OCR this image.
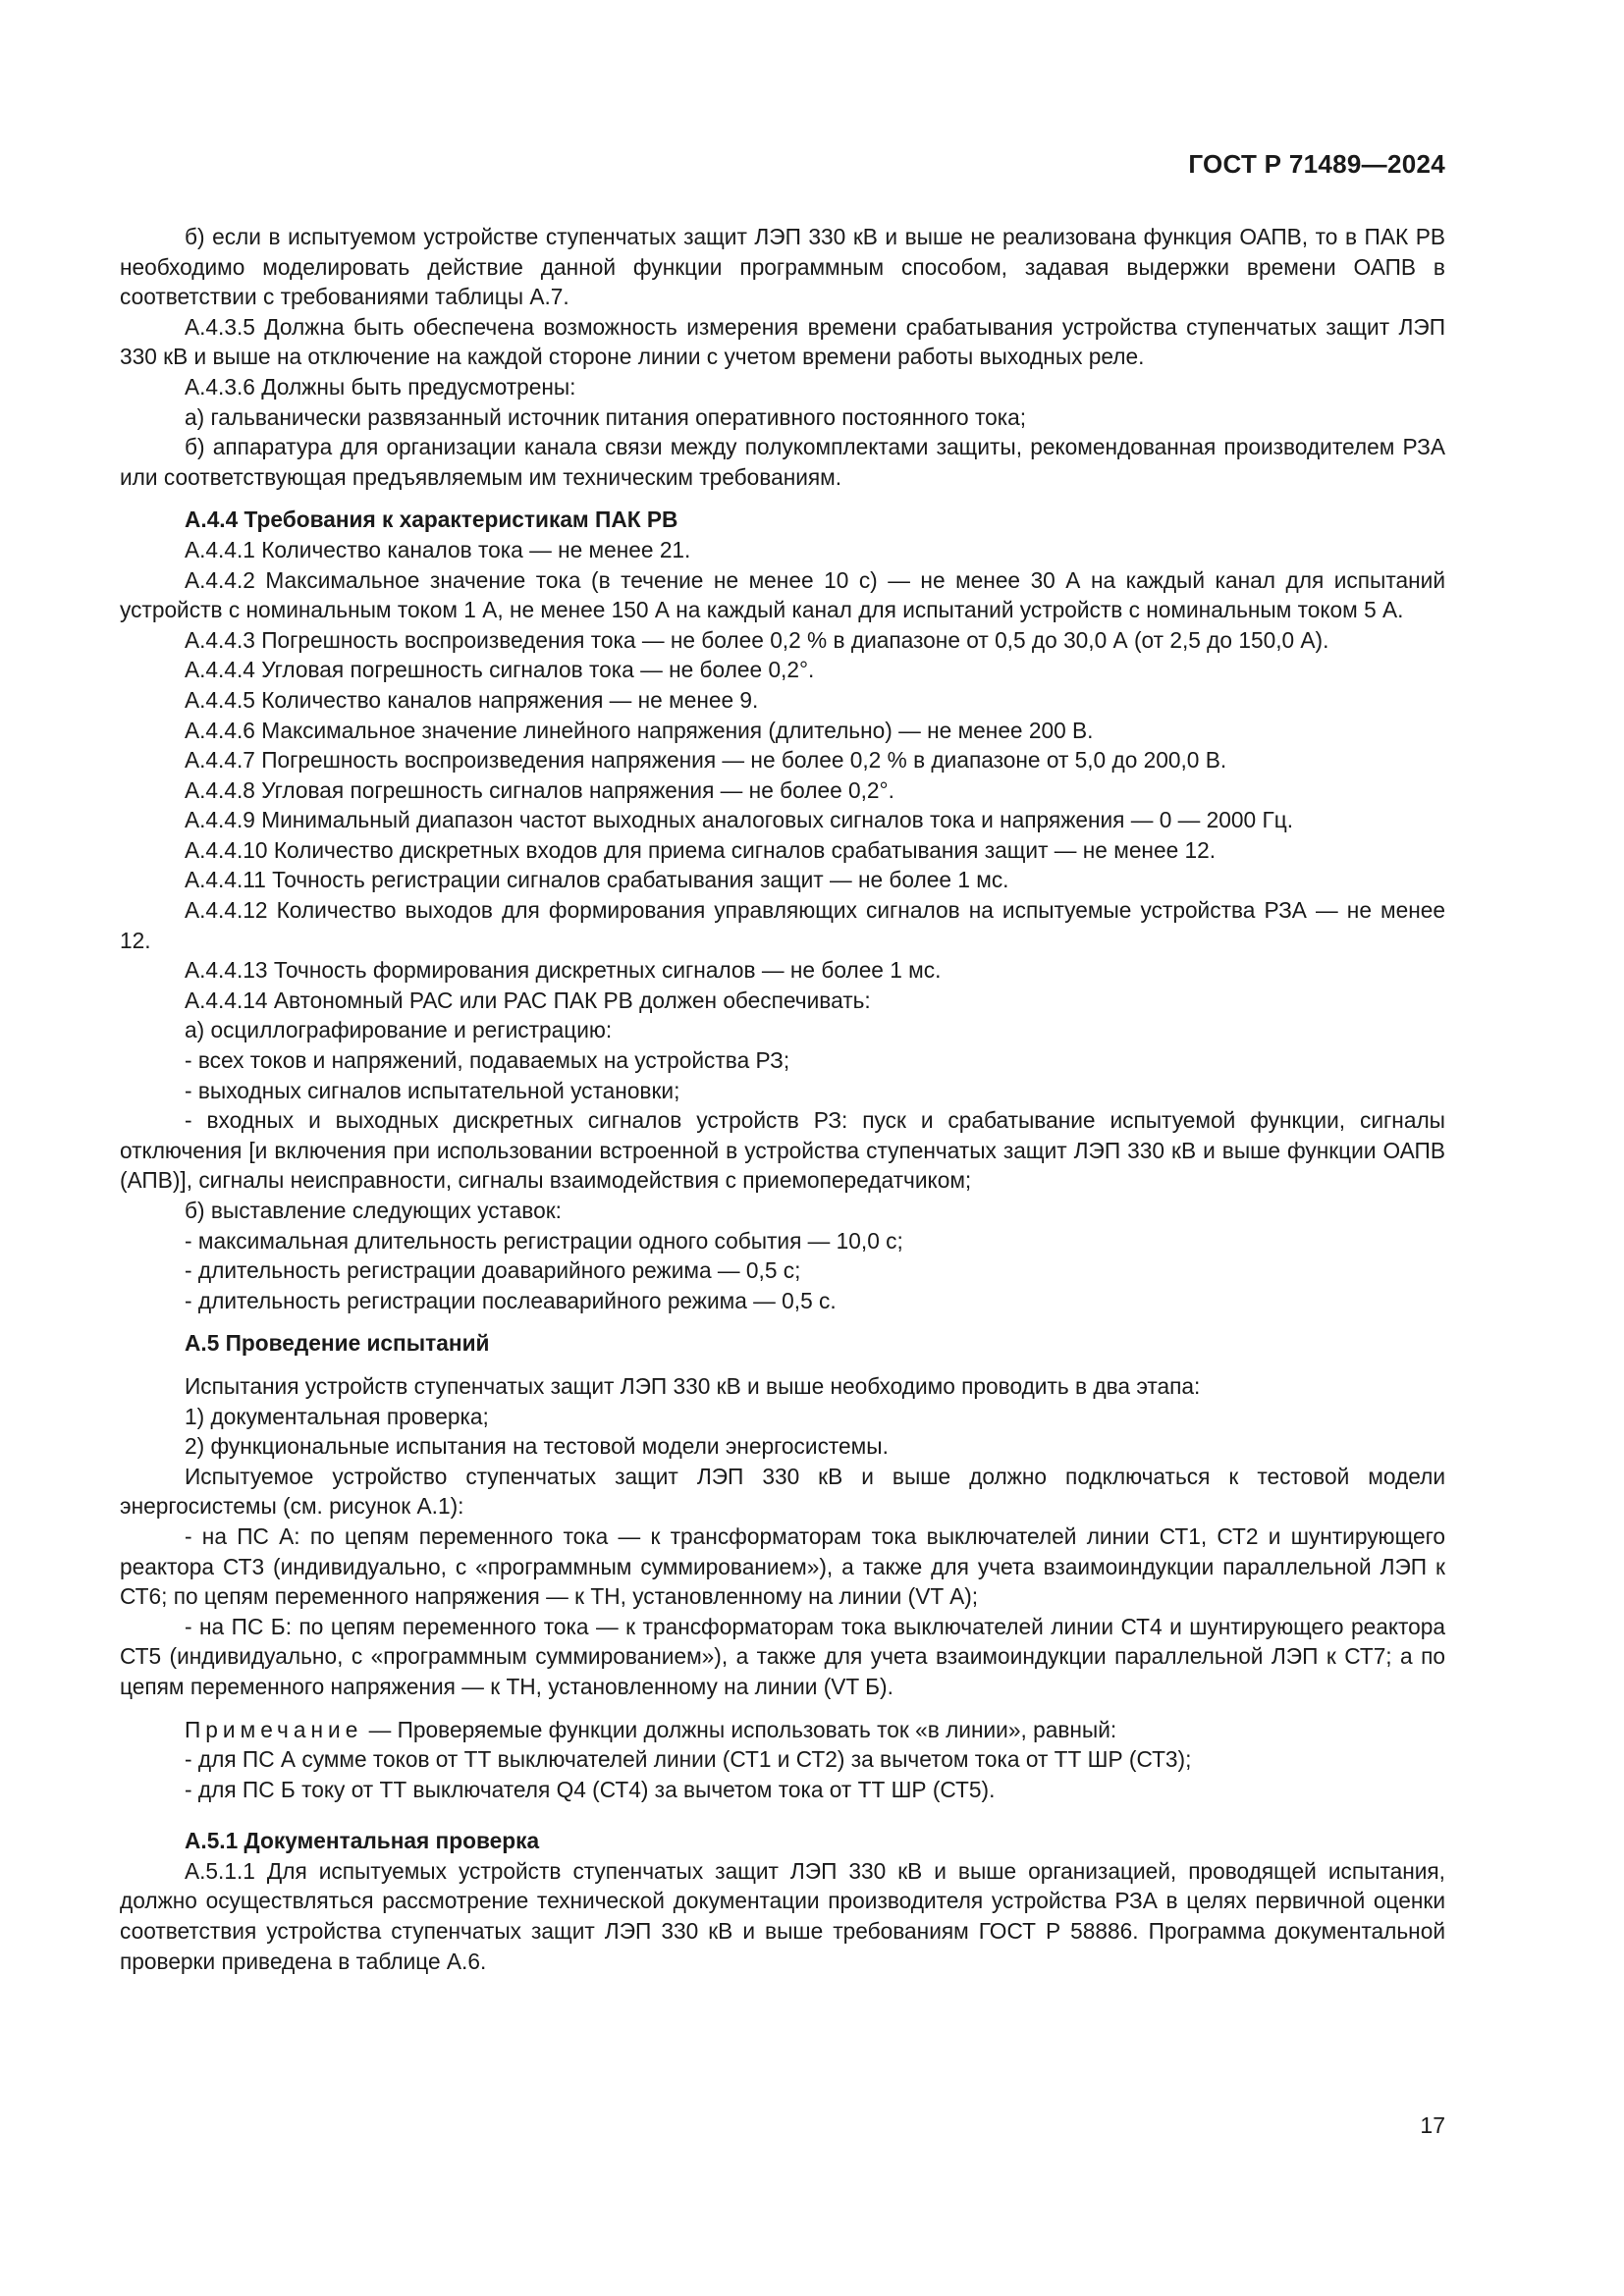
ГОСТ Р 71489—2024

б) если в испытуемом устройстве ступенчатых защит ЛЭП 330 кВ и выше не реализована функция ОАПВ, то в ПАК РВ необходимо моделировать действие данной функции программным способом, задавая выдержки времени ОАПВ в соответствии с требованиями таблицы А.7.

А.4.3.5 Должна быть обеспечена возможность измерения времени срабатывания устройства ступенчатых защит ЛЭП 330 кВ и выше на отключение на каждой стороне линии с учетом времени работы выходных реле.

А.4.3.6 Должны быть предусмотрены:

а) гальванически развязанный источник питания оперативного постоянного тока;

б) аппаратура для организации канала связи между полукомплектами защиты, рекомендованная производителем РЗА или соответствующая предъявляемым им техническим требованиям.

А.4.4 Требования к характеристикам ПАК РВ

А.4.4.1 Количество каналов тока — не менее 21.

А.4.4.2 Максимальное значение тока (в течение не менее 10 с) — не менее 30 А на каждый канал для испытаний устройств с номинальным током 1 А, не менее 150 А на каждый канал для испытаний устройств с номинальным током 5 А.

А.4.4.3 Погрешность воспроизведения тока — не более 0,2 % в диапазоне от 0,5 до 30,0 А (от 2,5 до 150,0 А).

А.4.4.4 Угловая погрешность сигналов тока — не более 0,2°.

А.4.4.5 Количество каналов напряжения — не менее 9.

А.4.4.6 Максимальное значение линейного напряжения (длительно) — не менее 200 В.

А.4.4.7 Погрешность воспроизведения напряжения — не более 0,2 % в диапазоне от 5,0 до 200,0 В.

А.4.4.8 Угловая погрешность сигналов напряжения — не более 0,2°.

А.4.4.9 Минимальный диапазон частот выходных аналоговых сигналов тока и напряжения — 0 — 2000 Гц.

А.4.4.10 Количество дискретных входов для приема сигналов срабатывания защит — не менее 12.

А.4.4.11 Точность регистрации сигналов срабатывания защит — не более 1 мс.

А.4.4.12 Количество выходов для формирования управляющих сигналов на испытуемые устройства РЗА — не менее 12.

А.4.4.13 Точность формирования дискретных сигналов — не более 1 мс.

А.4.4.14 Автономный РАС или РАС ПАК РВ должен обеспечивать:

а) осциллографирование и регистрацию:

- всех токов и напряжений, подаваемых на устройства РЗ;

- выходных сигналов испытательной установки;

- входных и выходных дискретных сигналов устройств РЗ: пуск и срабатывание испытуемой функции, сигналы отключения [и включения при использовании встроенной в устройства ступенчатых защит ЛЭП 330 кВ и выше функции ОАПВ (АПВ)], сигналы неисправности, сигналы взаимодействия с приемопередатчиком;

б) выставление следующих уставок:

- максимальная длительность регистрации одного события — 10,0 с;

- длительность регистрации доаварийного режима — 0,5 с;

- длительность регистрации послеаварийного режима — 0,5 с.

А.5 Проведение испытаний

Испытания устройств ступенчатых защит ЛЭП 330 кВ и выше необходимо проводить в два этапа:

1) документальная проверка;

2) функциональные испытания на тестовой модели энергосистемы.

Испытуемое устройство ступенчатых защит ЛЭП 330 кВ и выше должно подключаться к тестовой модели энергосистемы (см. рисунок А.1):

- на ПС А: по цепям переменного тока — к трансформаторам тока выключателей линии СТ1, СТ2 и шунтирующего реактора СТ3 (индивидуально, с «программным суммированием»), а также для учета взаимоиндукции параллельной ЛЭП к СТ6; по цепям переменного напряжения — к ТН, установленному на линии (VT А);

- на ПС Б: по цепям переменного тока — к трансформаторам тока выключателей линии СТ4 и шунтирующего реактора СТ5 (индивидуально, с «программным суммированием»), а также для учета взаимоиндукции параллельной ЛЭП к СТ7; а по цепям переменного напряжения — к ТН, установленному на линии (VT Б).

Примечание — Проверяемые функции должны использовать ток «в линии», равный:

- для ПС А сумме токов от ТТ выключателей линии (СТ1 и СТ2) за вычетом тока от ТТ ШР (СТ3);

- для ПС Б току от ТТ выключателя Q4 (СТ4) за вычетом тока от ТТ ШР (СТ5).

А.5.1 Документальная проверка

А.5.1.1 Для испытуемых устройств ступенчатых защит ЛЭП 330 кВ и выше организацией, проводящей испытания, должно осуществляться рассмотрение технической документации производителя устройства РЗА в целях первичной оценки соответствия устройства ступенчатых защит ЛЭП 330 кВ и выше требованиям ГОСТ Р 58886. Программа документальной проверки приведена в таблице А.6.

17
